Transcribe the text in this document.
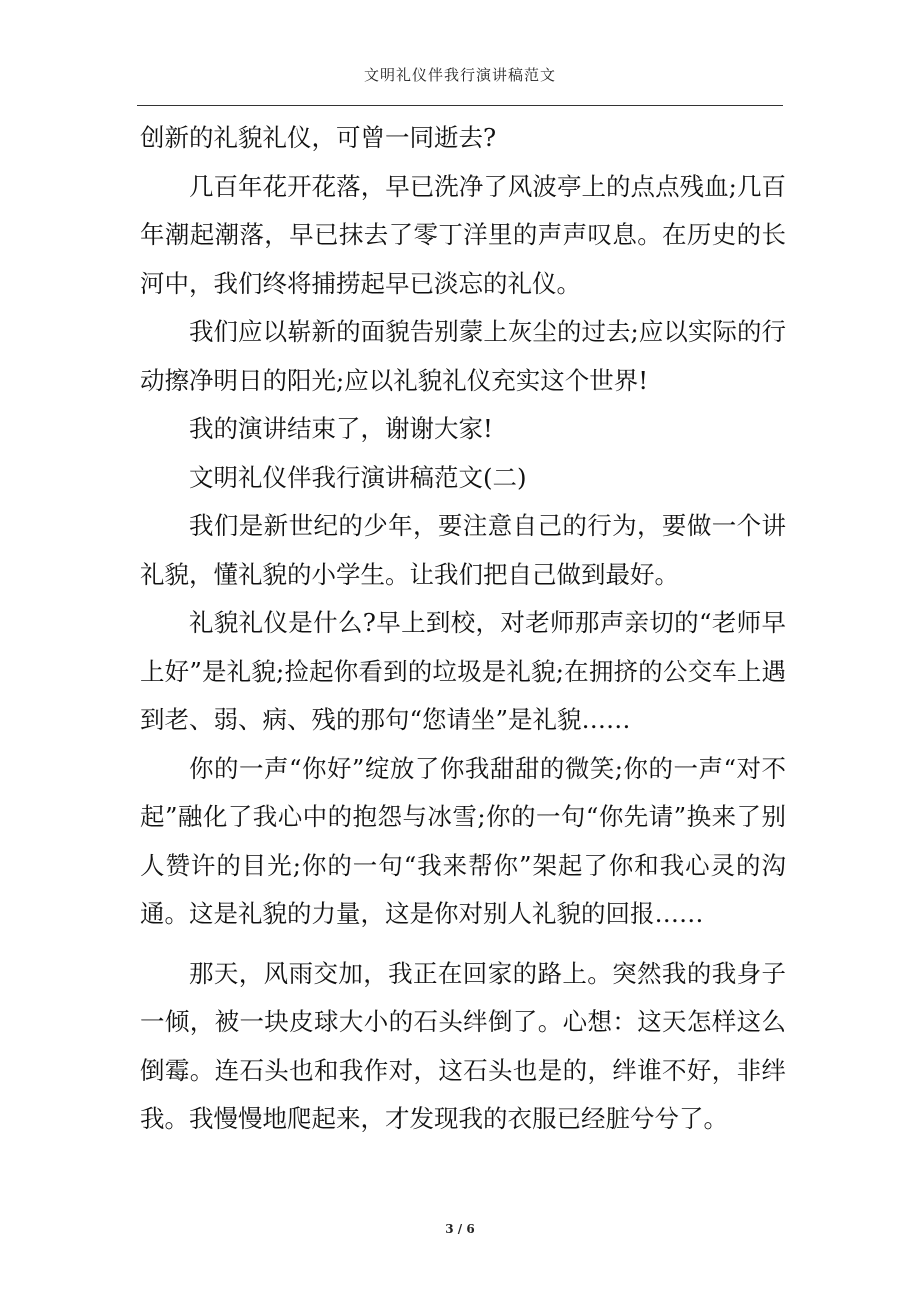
文明礼仪伴我行演讲稿范文

创新的礼貌礼仪，可曾一同逝去?

几百年花开花落，早已洗净了风波亭上的点点残血;几百年潮起潮落，早已抹去了零丁洋里的声声叹息。在历史的长河中，我们终将捕捞起早已淡忘的礼仪。

我们应以崭新的面貌告别蒙上灰尘的过去;应以实际的行动擦净明日的阳光;应以礼貌礼仪充实这个世界!

我的演讲结束了，谢谢大家!

文明礼仪伴我行演讲稿范文(二)

我们是新世纪的少年，要注意自己的行为，要做一个讲礼貌，懂礼貌的小学生。让我们把自己做到最好。

礼貌礼仪是什么?早上到校，对老师那声亲切的“老师早上好”是礼貌;捡起你看到的垃圾是礼貌;在拥挤的公交车上遇到老、弱、病、残的那句“您请坐”是礼貌……

你的一声“你好”绽放了你我甜甜的微笑;你的一声“对不起”融化了我心中的抱怨与冰雪;你的一句“你先请”换来了别人赞许的目光;你的一句“我来帮你”架起了你和我心灵的沟通。这是礼貌的力量，这是你对别人礼貌的回报……

那天，风雨交加，我正在回家的路上。突然我的我身子一倾，被一块皮球大小的石头绊倒了。心想：这天怎样这么倒霉。连石头也和我作对，这石头也是的，绊谁不好，非绊我。我慢慢地爬起来，才发现我的衣服已经脏兮兮了。

3 / 6
